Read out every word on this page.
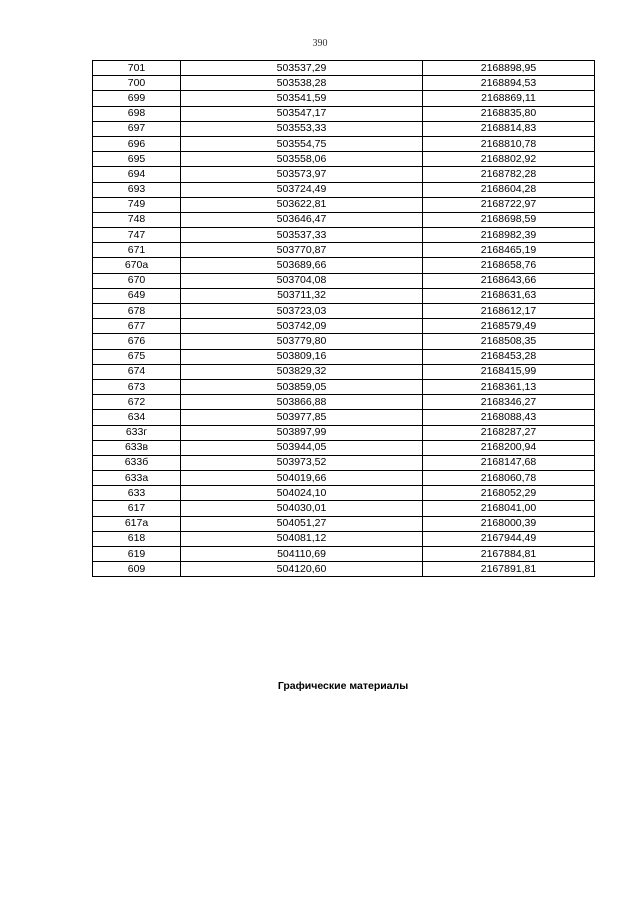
390
701	503537,29	2168898,95
700	503538,28	2168894,53
699	503541,59	2168869,11
698	503547,17	2168835,80
697	503553,33	2168814,83
696	503554,75	2168810,78
695	503558,06	2168802,92
694	503573,97	2168782,28
693	503724,49	2168604,28
749	503622,81	2168722,97
748	503646,47	2168698,59
747	503537,33	2168982,39
671	503770,87	2168465,19
670а	503689,66	2168658,76
670	503704,08	2168643,66
649	503711,32	2168631,63
678	503723,03	2168612,17
677	503742,09	2168579,49
676	503779,80	2168508,35
675	503809,16	2168453,28
674	503829,32	2168415,99
673	503859,05	2168361,13
672	503866,88	2168346,27
634	503977,85	2168088,43
633г	503897,99	2168287,27
633в	503944,05	2168200,94
633б	503973,52	2168147,68
633а	504019,66	2168060,78
633	504024,10	2168052,29
617	504030,01	2168041,00
617а	504051,27	2168000,39
618	504081,12	2167944,49
619	504110,69	2167884,81
609	504120,60	2167891,81
Графические материалы
